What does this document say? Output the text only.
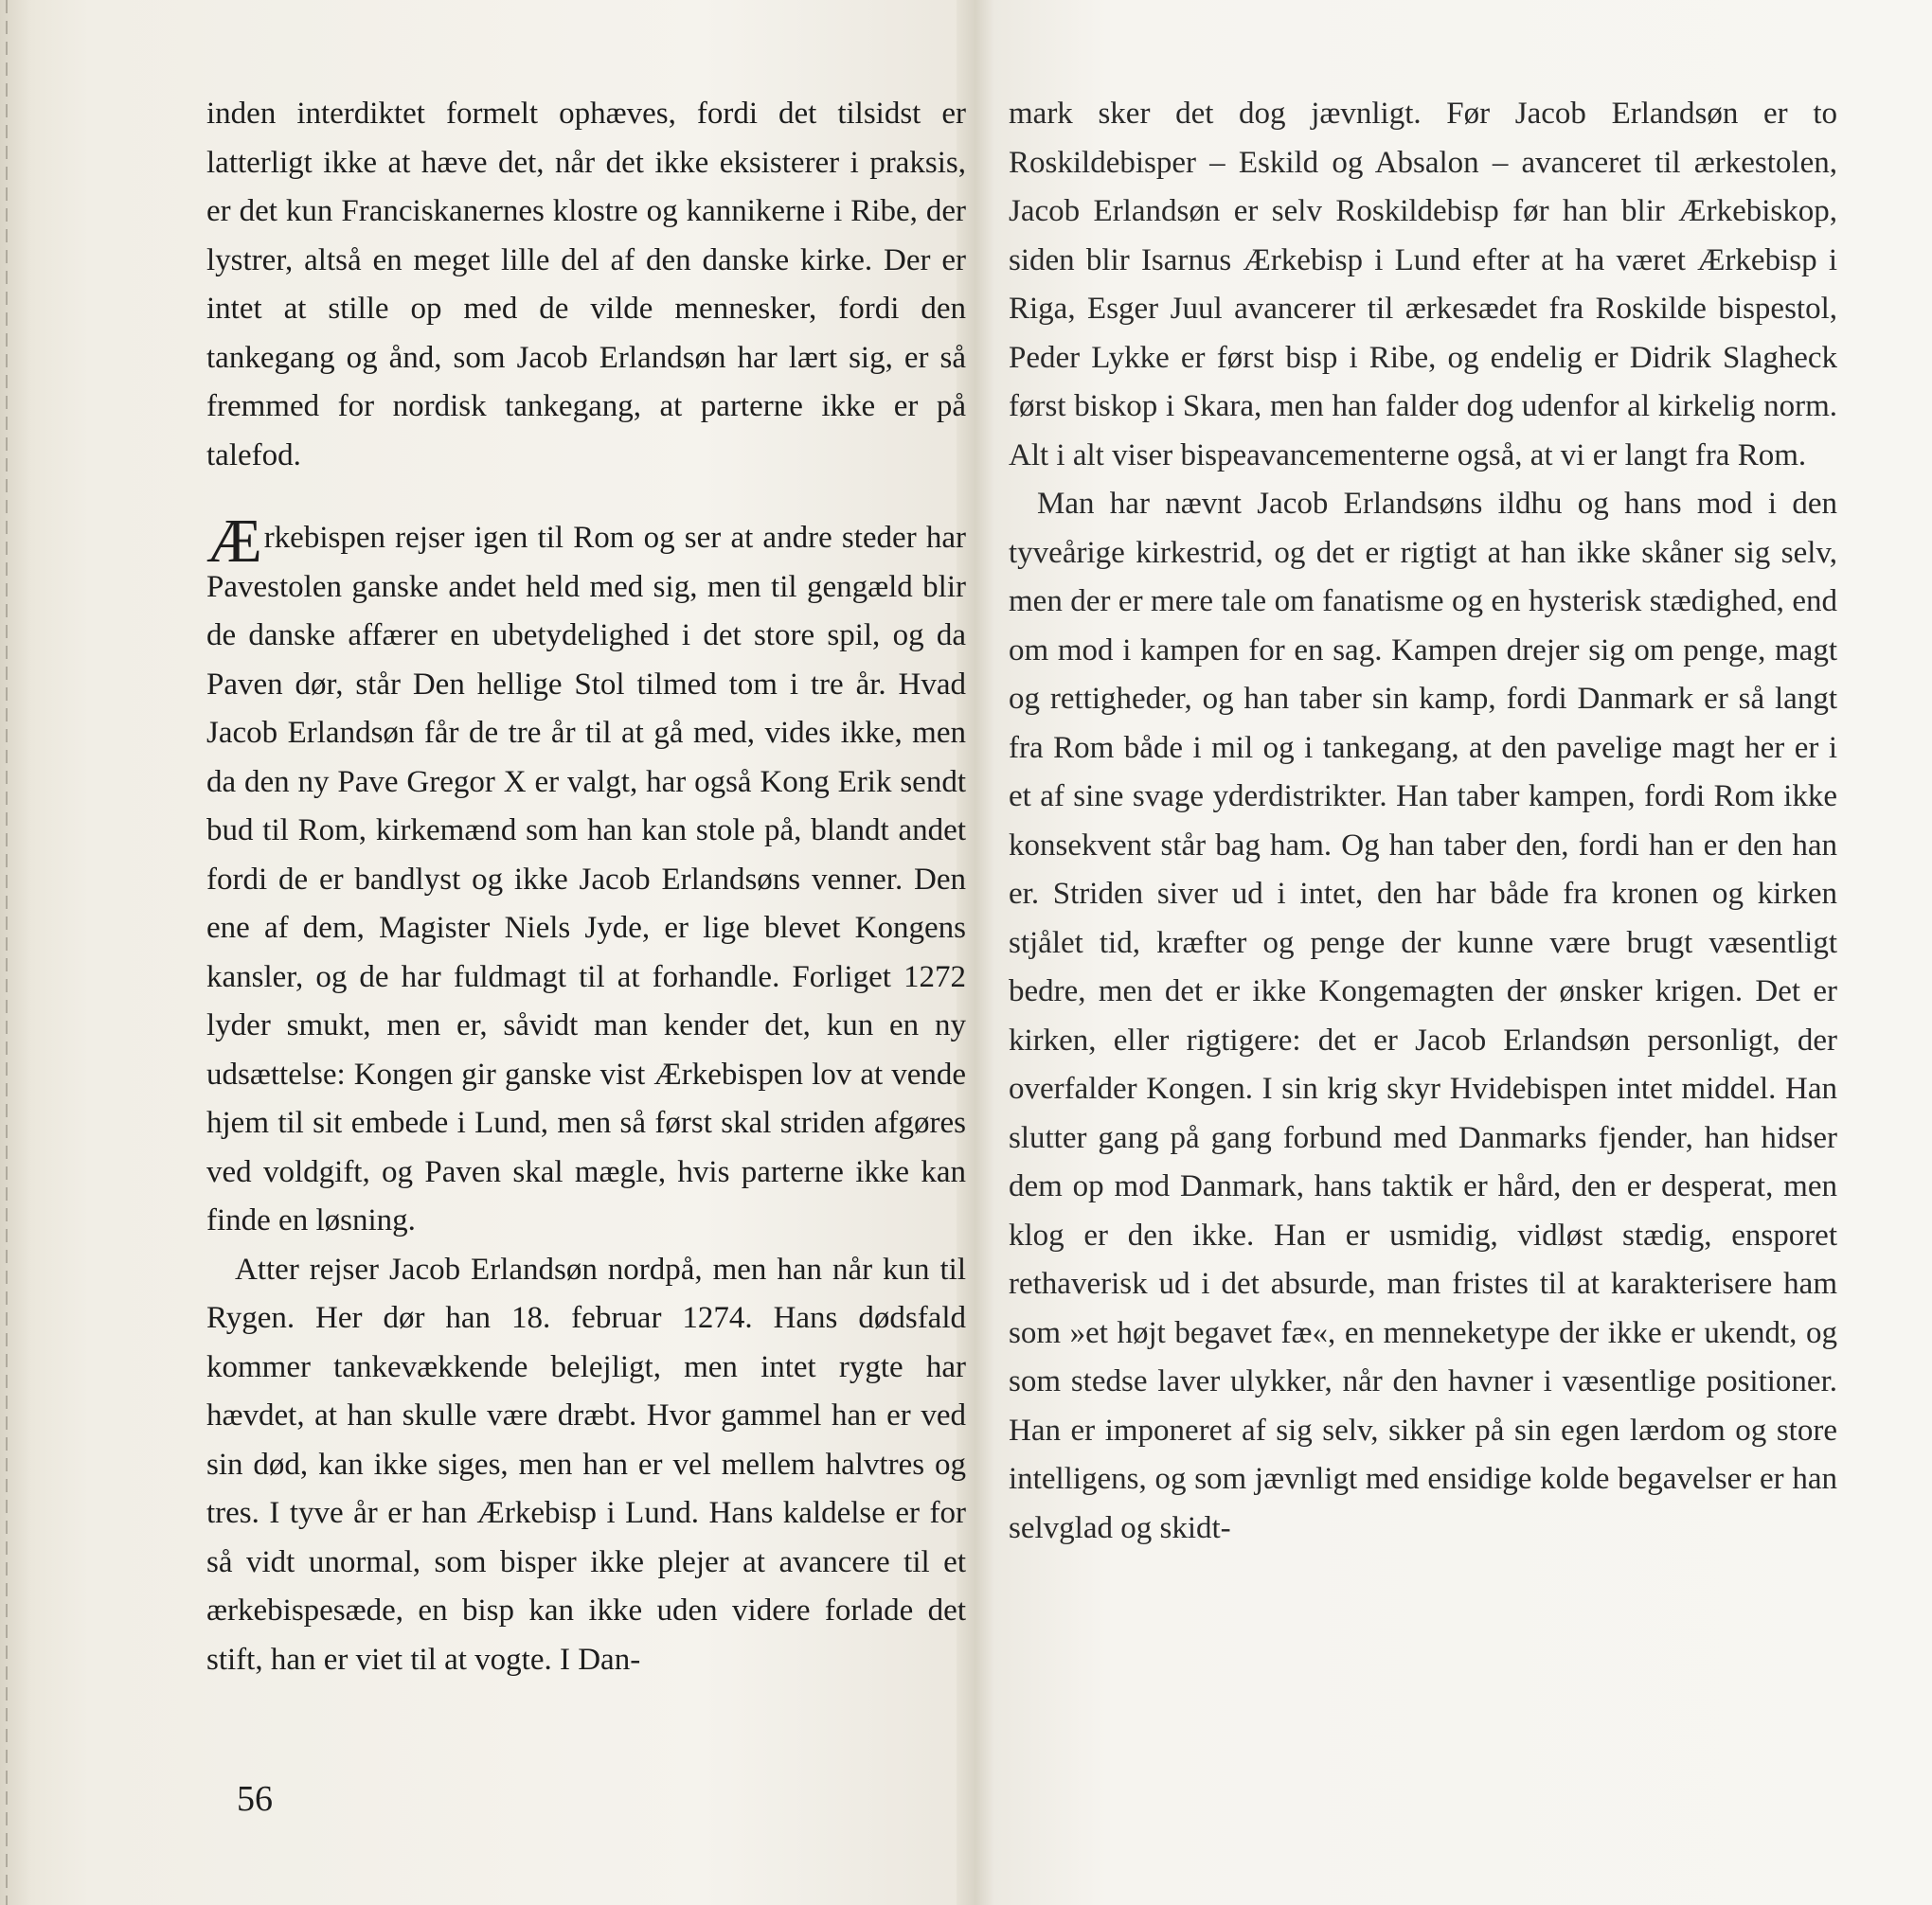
inden interdiktet formelt ophæves, fordi det tilsidst er latterligt ikke at hæve det, når det ikke eksisterer i praksis, er det kun Franciskanernes klostre og kannikerne i Ribe, der lystrer, altså en meget lille del af den danske kirke. Der er intet at stille op med de vilde mennesker, fordi den tankegang og ånd, som Jacob Erlandsøn har lært sig, er så fremmed for nordisk tankegang, at parterne ikke er på talefod.

Ærkebispen rejser igen til Rom og ser at andre steder har Pavestolen ganske andet held med sig, men til gengæld blir de danske affærer en ubetydelighed i det store spil, og da Paven dør, står Den hellige Stol tilmed tom i tre år. Hvad Jacob Erlandsøn får de tre år til at gå med, vides ikke, men da den ny Pave Gregor X er valgt, har også Kong Erik sendt bud til Rom, kirkemænd som han kan stole på, blandt andet fordi de er bandlyst og ikke Jacob Erlandsøns venner. Den ene af dem, Magister Niels Jyde, er lige blevet Kongens kansler, og de har fuldmagt til at forhandle. Forliget 1272 lyder smukt, men er, såvidt man kender det, kun en ny udsættelse: Kongen gir ganske vist Ærkebispen lov at vende hjem til sit embede i Lund, men så først skal striden afgøres ved voldgift, og Paven skal mægle, hvis parterne ikke kan finde en løsning.

Atter rejser Jacob Erlandsøn nordpå, men han når kun til Rygen. Her dør han 18. februar 1274. Hans dødsfald kommer tankevækkende belejligt, men intet rygte har hævdet, at han skulle være dræbt. Hvor gammel han er ved sin død, kan ikke siges, men han er vel mellem halvtres og tres. I tyve år er han Ærkebisp i Lund. Hans kaldelse er for så vidt unormal, som bisper ikke plejer at avancere til et ærkebispesæde, en bisp kan ikke uden videre forlade det stift, han er viet til at vogte. I Dan-

56

mark sker det dog jævnligt. Før Jacob Erlandsøn er to Roskildebisper – Eskild og Absalon – avanceret til ærkestolen, Jacob Erlandsøn er selv Roskildebisp før han blir Ærkebiskop, siden blir Isarnus Ærkebisp i Lund efter at ha været Ærkebisp i Riga, Esger Juul avancerer til ærkesædet fra Roskilde bispestol, Peder Lykke er først bisp i Ribe, og endelig er Didrik Slagheck først biskop i Skara, men han falder dog udenfor al kirkelig norm. Alt i alt viser bispeavancementerne også, at vi er langt fra Rom.

Man har nævnt Jacob Erlandsøns ildhu og hans mod i den tyveårige kirkestrid, og det er rigtigt at han ikke skåner sig selv, men der er mere tale om fanatisme og en hysterisk stædighed, end om mod i kampen for en sag. Kampen drejer sig om penge, magt og rettigheder, og han taber sin kamp, fordi Danmark er så langt fra Rom både i mil og i tankegang, at den pavelige magt her er i et af sine svage yderdistrikter. Han taber kampen, fordi Rom ikke konsekvent står bag ham. Og han taber den, fordi han er den han er. Striden siver ud i intet, den har både fra kronen og kirken stjålet tid, kræfter og penge der kunne være brugt væsentligt bedre, men det er ikke Kongemagten der ønsker krigen. Det er kirken, eller rigtigere: det er Jacob Erlandsøn personligt, der overfalder Kongen. I sin krig skyr Hvidebispen intet middel. Han slutter gang på gang forbund med Danmarks fjender, han hidser dem op mod Danmark, hans taktik er hård, den er desperat, men klog er den ikke. Han er usmidig, vidløst stædig, ensporet rethaverisk ud i det absurde, man fristes til at karakterisere ham som »et højt begavet fæ«, en menneketype der ikke er ukendt, og som stedse laver ulykker, når den havner i væsentlige positioner. Han er imponeret af sig selv, sikker på sin egen lærdom og store intelligens, og som jævnligt med ensidige kolde begavelser er han selvglad og skidt-
